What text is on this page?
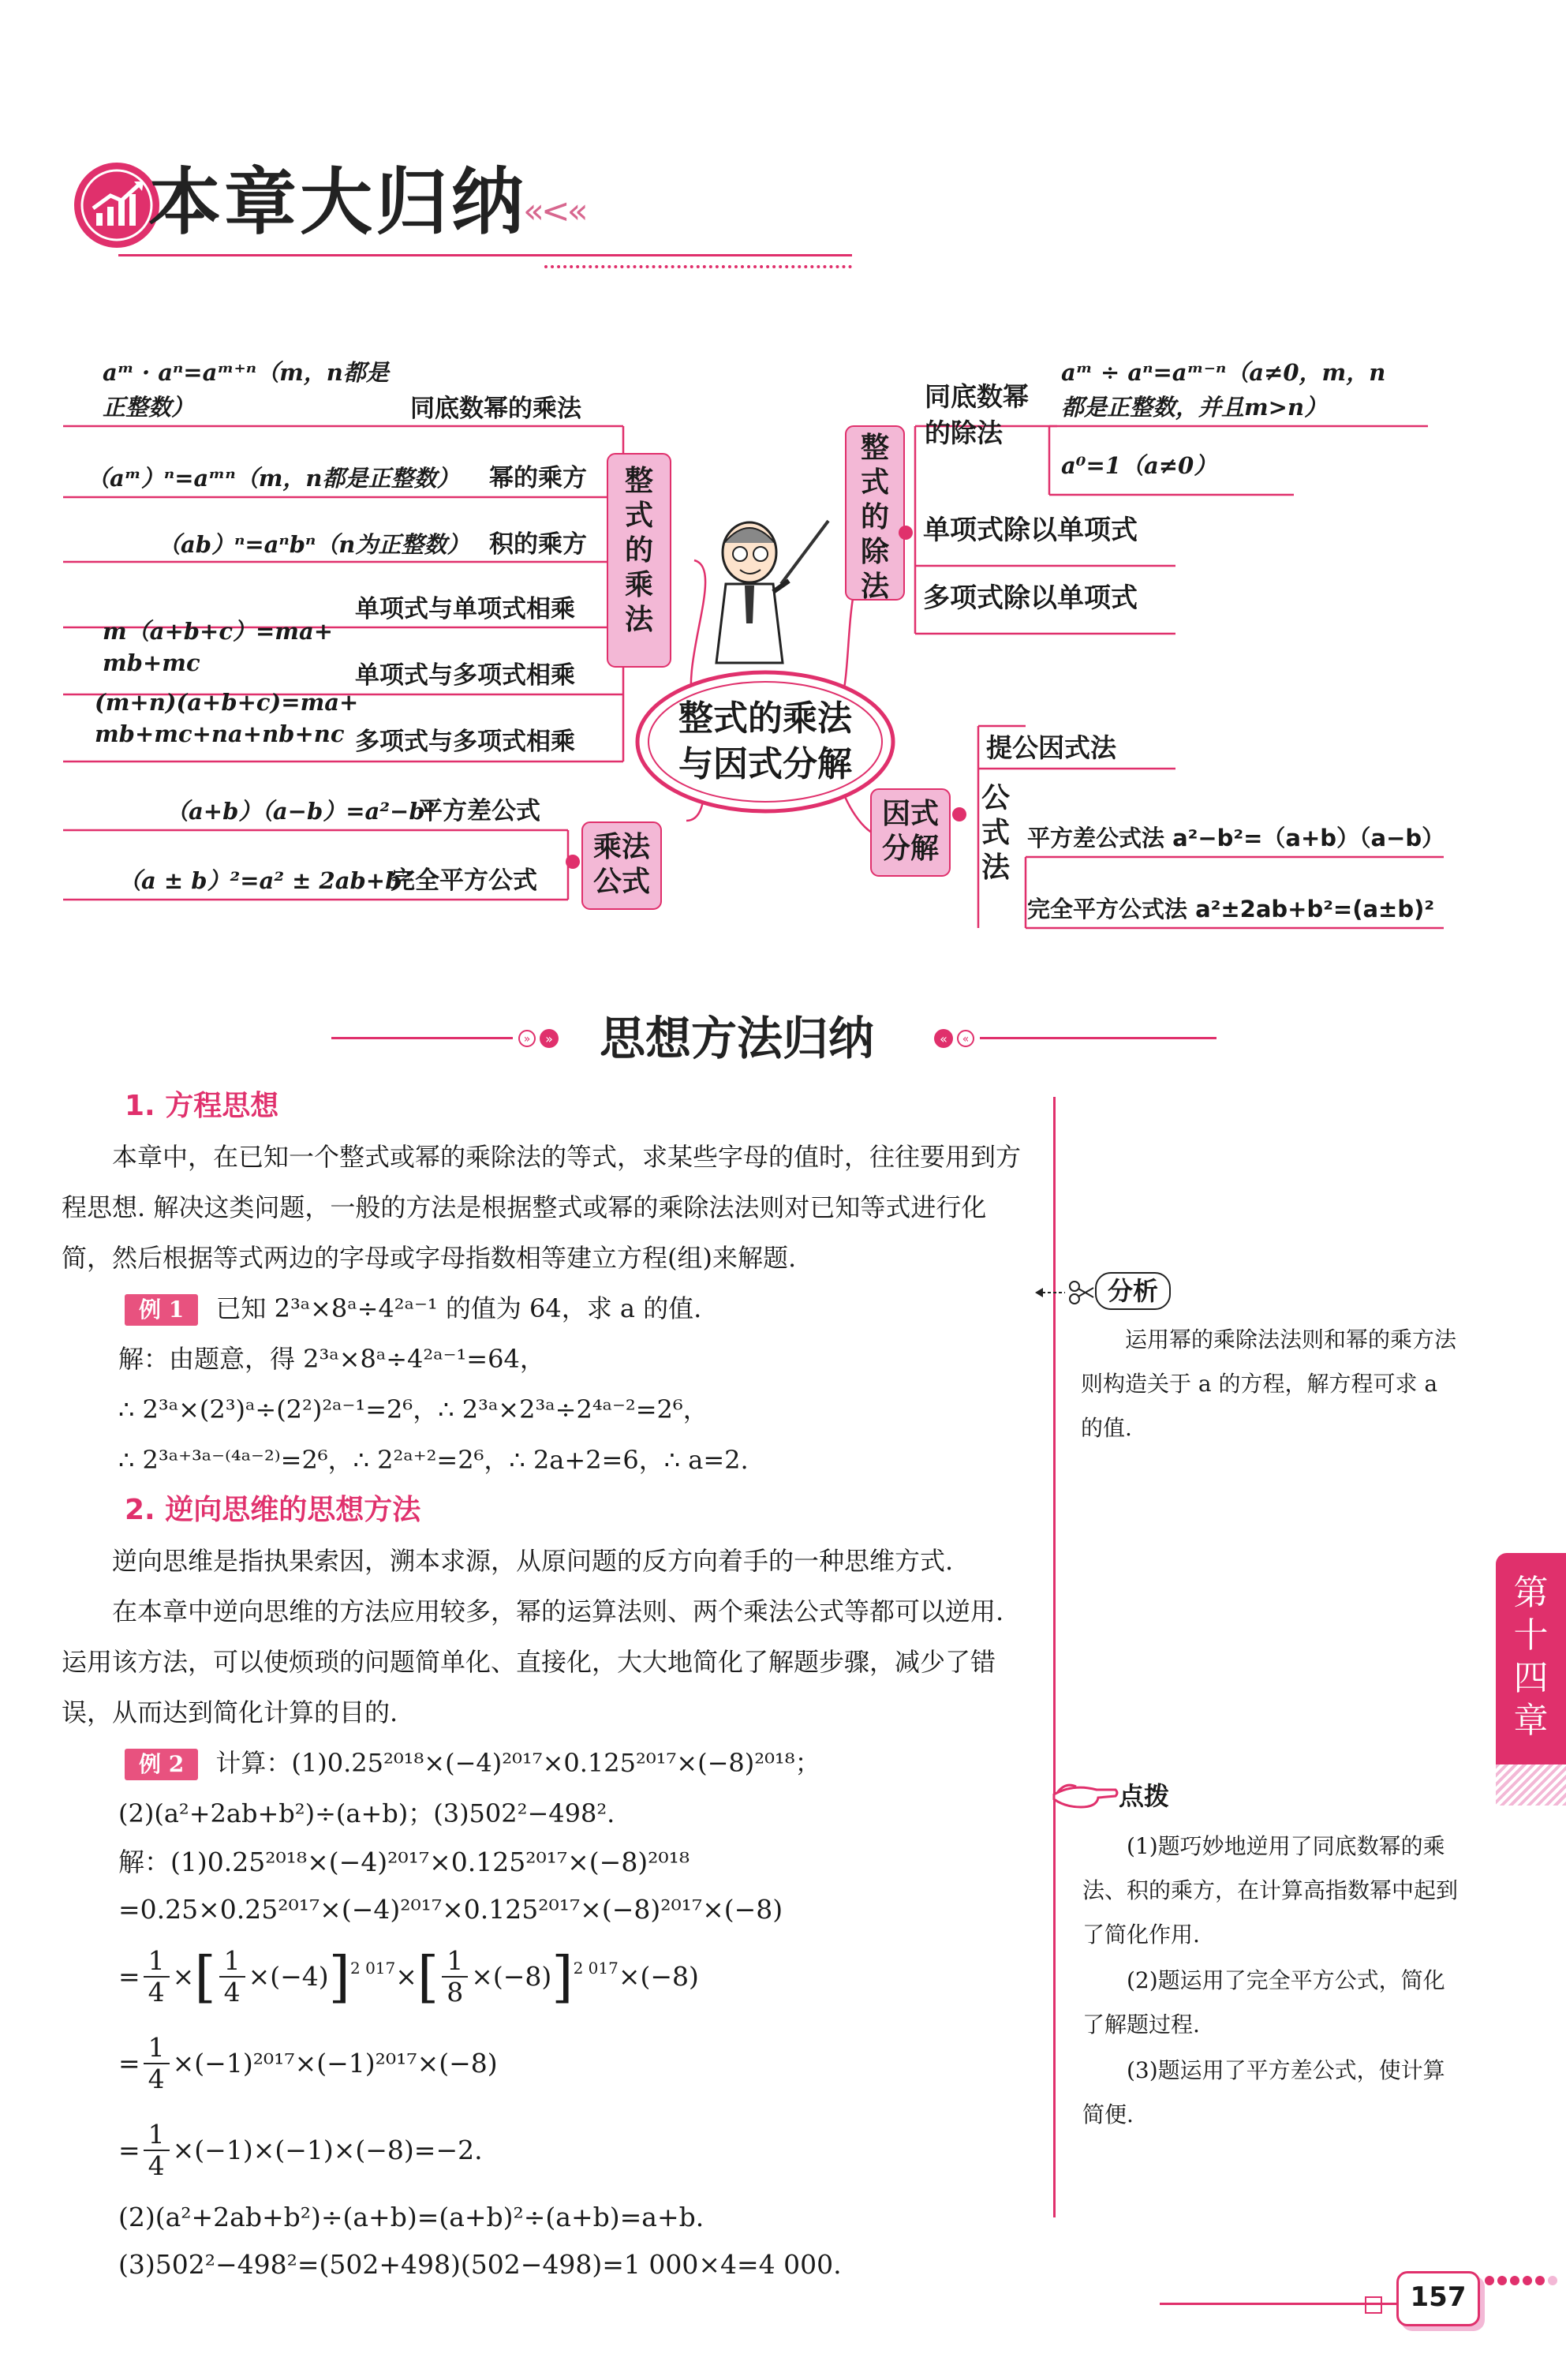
本章大归纳
«<«
整式的乘法
与因式分解
整
式
的
乘
法
整
式
的
除
法
乘法
公式
因式
分解
公
式
法
aᵐ · aⁿ=aᵐ⁺ⁿ（m，n都是
正整数）	同底数幂的乘法
（aᵐ）ⁿ=aᵐⁿ（m，n都是正整数） 幂的乘方
（ab）ⁿ=aⁿbⁿ（n为正整数） 积的乘方
单项式与单项式相乘
m（a+b+c）=ma+
mb+mc	单项式与多项式相乘
(m+n)(a+b+c)=ma+
mb+mc+na+nb+nc 多项式与多项式相乘
（a+b）（a−b）=a²−b²
平方差公式
（a ± b）²=a² ± 2ab+b²
完全平方公式
同底数幂
的除法
aᵐ ÷ aⁿ=aᵐ⁻ⁿ（a≠0，m，n
都是正整数，并且m>n）
a⁰=1（a≠0）
单项式除以单项式
多项式除以单项式
提公因式法
平方差公式法 a²−b²=（a+b）（a−b）
完全平方公式法 a²±2ab+b²=(a±b)²
» » 思想方法归纳	« «
1. 方程思想

本章中，在已知一个整式或幂的乘除法的等式，求某些字母的值时，往往要用到方程思想. 解决这类问题，一般的方法是根据整式或幂的乘除法法则对已知等式进行化简，然后根据等式两边的字母或字母指数相等建立方程(组)来解题.

例 1 已知 2³ᵃ×8ᵃ÷4²ᵃ⁻¹ 的值为 64，求 a 的值.
解：由题意，得 2³ᵃ×8ᵃ÷4²ᵃ⁻¹=64，
∴ 2³ᵃ×(2³)ᵃ÷(2²)²ᵃ⁻¹=2⁶，∴ 2³ᵃ×2³ᵃ÷2⁴ᵃ⁻²=2⁶，
∴ 2³ᵃ⁺³ᵃ⁻⁽⁴ᵃ⁻²⁾=2⁶，∴ 2²ᵃ⁺²=2⁶，∴ 2a+2=6，∴ a=2.
2. 逆向思维的思想方法

逆向思维是指执果索因，溯本求源，从原问题的反方向着手的一种思维方式.

在本章中逆向思维的方法应用较多，幂的运算法则、两个乘法公式等都可以逆用. 运用该方法，可以使烦琐的问题简单化、直接化，大大地简化了解题步骤，减少了错误，从而达到简化计算的目的.

例 2 计算：(1)0.25²⁰¹⁸×(−4)²⁰¹⁷×0.125²⁰¹⁷×(−8)²⁰¹⁸；
(2)(a²+2ab+b²)÷(a+b)；(3)502²−498².
解：(1)0.25²⁰¹⁸×(−4)²⁰¹⁷×0.125²⁰¹⁷×(−8)²⁰¹⁸
=0.25×0.25²⁰¹⁷×(−4)²⁰¹⁷×0.125²⁰¹⁷×(−8)²⁰¹⁷×(−8)
= $\frac{1}{4}$ × [ $\frac{1}{4} \times(-4) ]^{2 017}$ × [ $\frac{1}{8} \times(-8)$ ]$^{2 017}$ ×(−8)
= $\frac{1}{4} \times(-1)^{2017}\times(-1)^{2017}\times(-8)$
= $\frac{1}{4} \times(-1)\times(-1)\times(-8)=-2$.
(2)(a²+2ab+b²)÷(a+b)=(a+b)²÷(a+b)=a+b.
(3)502²−498²=(502+498)(502−498)=1 000×4=4 000.
分析

运用幂的乘除法法则和幂的乘方法则构造关于 a 的方程，解方程可求 a 的值.

点拨

(1)题巧妙地逆用了同底数幂的乘法、积的乘方，在计算高指数幂中起到了简化作用.

(2)题运用了完全平方公式，简化了解题过程.

(3)题运用了平方差公式，使计算简便.

第
十
四
章
157
